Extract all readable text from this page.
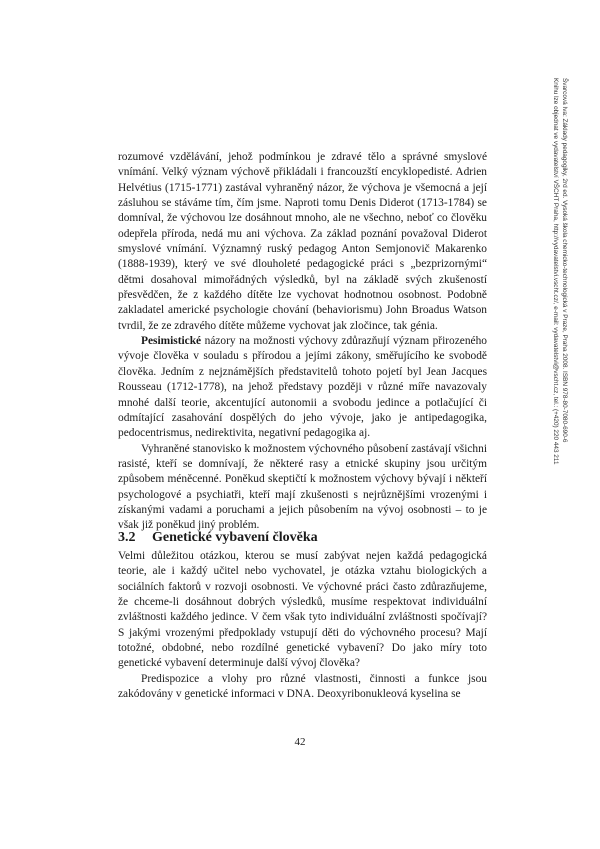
Švarcová Iva: Základy pedagogiky, 2rd ed. Vysoká škola chemicko-technologická v Praze, Praha 2008. ISBN 978-80-7080-690-6
Knihu lze objednat ve vydavatelství VŠCHT Praha, http://vydavatelstvi.vscht.cz/, e-mail: vydavatelstvi@vscht.cz, tel.: (+420) 220 443 211

rozumové vzdělávání, jehož podmínkou je zdravé tělo a správné smyslové vnímání. Velký význam výchově přikládali i francouzští encyklopedisté. Adrien Helvétius (1715-1771) zastával vyhraněný názor, že výchova je všemocná a její zásluhou se stáváme tím, čím jsme. Naproti tomu Denis Diderot (1713-1784) se domníval, že výchovou lze dosáhnout mnoho, ale ne všechno, neboť co člověku odepřela příroda, nedá mu ani výchova. Za základ poznání považoval Diderot smyslové vnímání. Významný ruský pedagog Anton Semjonovič Makarenko (1888-1939), který ve své dlouholeté pedagogické práci s „bezprizornými“ dětmi dosahoval mimořádných výsledků, byl na základě svých zkušeností přesvědčen, že z každého dítěte lze vychovat hodnotnou osobnost. Podobně zakladatel americké psychologie chování (behaviorismu) John Broadus Watson tvrdil, že ze zdravého dítěte můžeme vychovat jak zločince, tak génia.

Pesimistické názory na možnosti výchovy zdůrazňují význam přirozeného vývoje člověka v souladu s přírodou a jejími zákony, směřujícího ke svobodě člověka. Jedním z nejznámějších představitelů tohoto pojetí byl Jean Jacques Rousseau (1712-1778), na jehož představy později v různé míře navazovaly mnohé další teorie, akcentující autonomii a svobodu jedince a potlačující či odmítající zasahování dospělých do jeho vývoje, jako je antipedagogika, pedocentrismus, nedirektivita, negativní pedagogika aj.

Vyhraněné stanovisko k možnostem výchovného působení zastávají všichni rasisté, kteří se domnívají, že některé rasy a etnické skupiny jsou určitým způsobem méněcenné. Poněkud skeptičtí k možnostem výchovy bývají i někteří psychologové a psychiatři, kteří mají zkušenosti s nejrůznějšími vrozenými i získanými vadami a poruchami a jejich působením na vývoj osobnosti – to je však již poněkud jiný problém.

3.2 Genetické vybavení člověka

Velmi důležitou otázkou, kterou se musí zabývat nejen každá pedagogická teorie, ale i každý učitel nebo vychovatel, je otázka vztahu biologických a sociálních faktorů v rozvoji osobnosti. Ve výchovné práci často zdůrazňujeme, že chceme-li dosáhnout dobrých výsledků, musíme respektovat individuální zvláštnosti každého jedince. V čem však tyto individuální zvláštnosti spočívají? S jakými vrozenými předpoklady vstupují děti do výchovného procesu? Mají totožné, obdobné, nebo rozdílné genetické vybavení? Do jako míry toto genetické vybavení determinuje další vývoj člověka?

Predispozice a vlohy pro různé vlastnosti, činnosti a funkce jsou zakódovány v genetické informaci v DNA. Deoxyribonukleová kyselina se

42
